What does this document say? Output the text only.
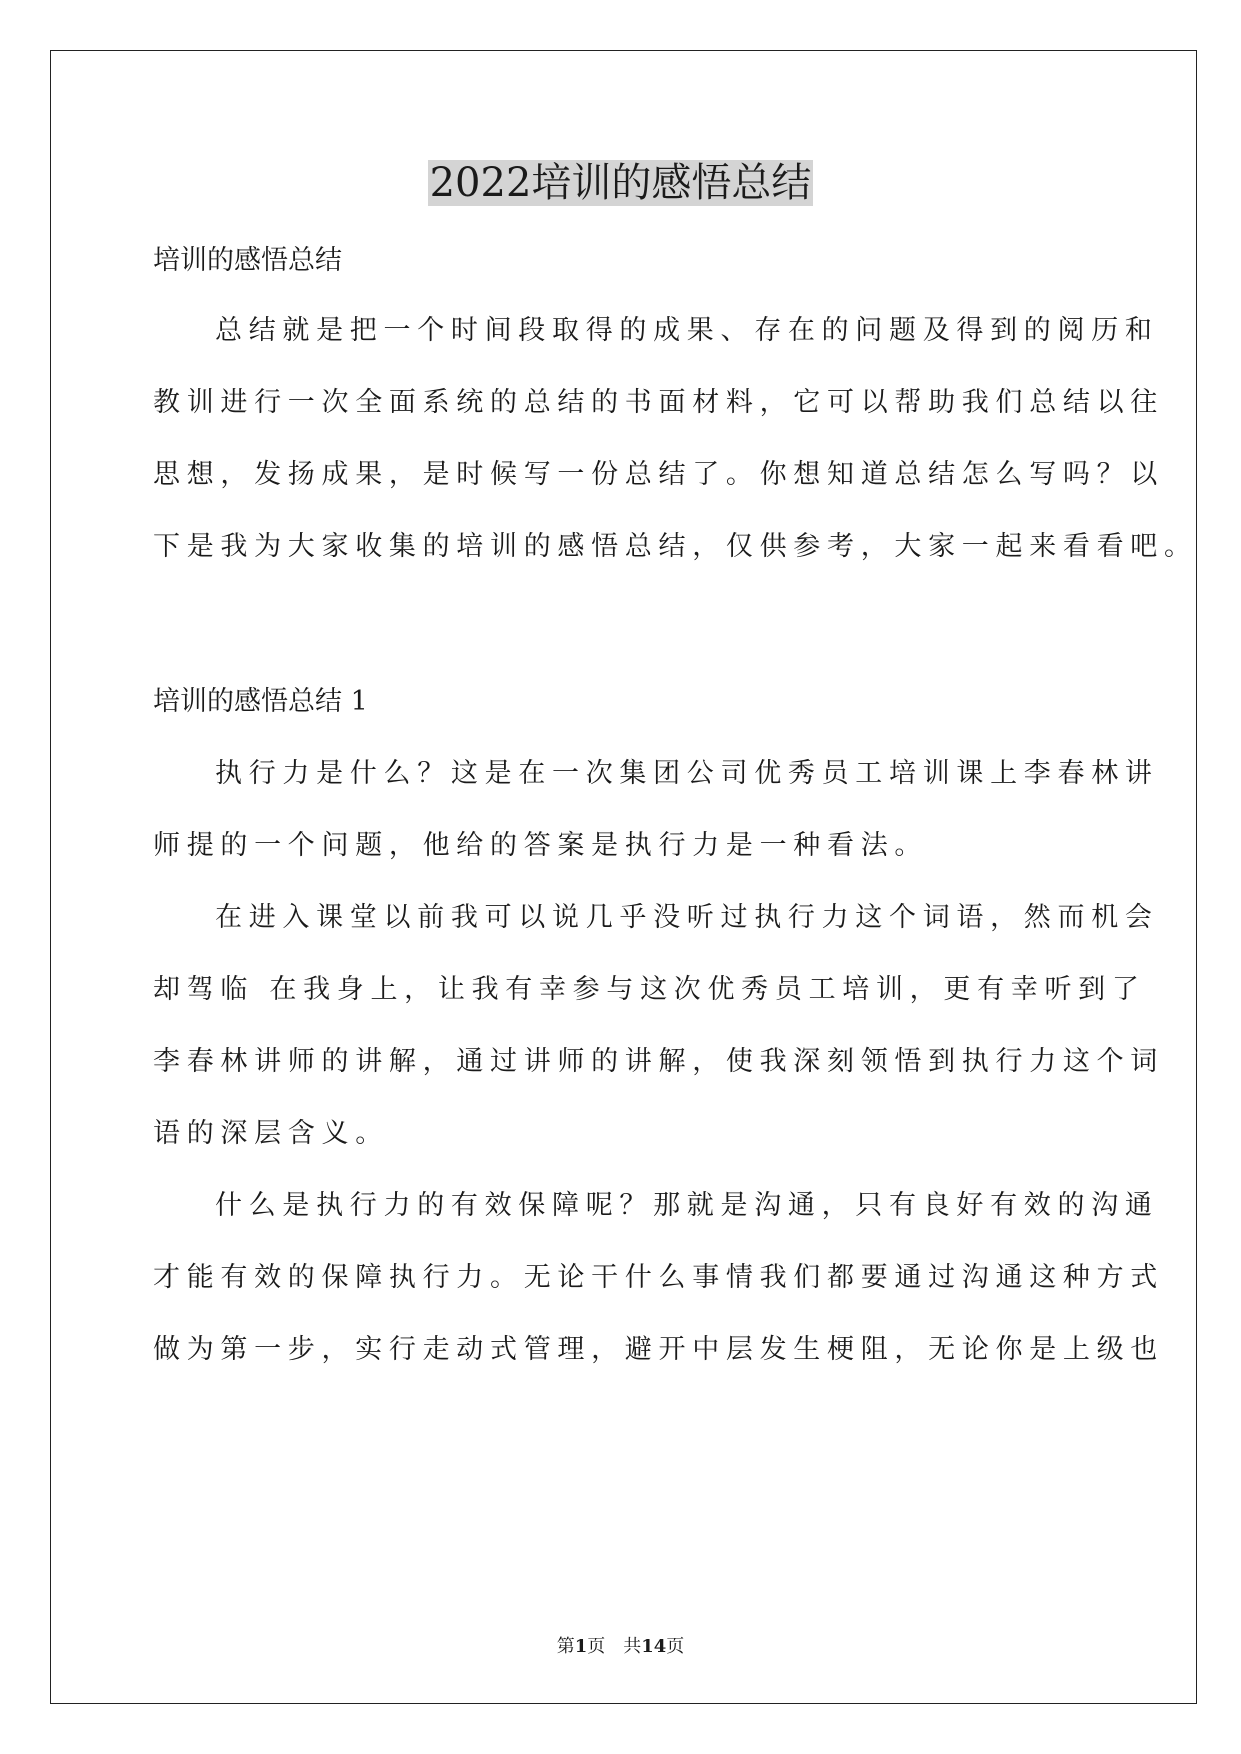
2022培训的感悟总结
培训的感悟总结
总结就是把一个时间段取得的成果、存在的问题及得到的阅历和
教训进行一次全面系统的总结的书面材料，它可以帮助我们总结以往
思想，发扬成果，是时候写一份总结了。你想知道总结怎么写吗？以
下是我为大家收集的培训的感悟总结，仅供参考，大家一起来看看吧。
培训的感悟总结 1
执行力是什么？这是在一次集团公司优秀员工培训课上李春林讲
师提的一个问题，他给的答案是执行力是一种看法。
在进入课堂以前我可以说几乎没听过执行力这个词语，然而机会
却驾临 在我身上，让我有幸参与这次优秀员工培训，更有幸听到了
李春林讲师的讲解，通过讲师的讲解，使我深刻领悟到执行力这个词
语的深层含义。
什么是执行力的有效保障呢？那就是沟通，只有良好有效的沟通
才能有效的保障执行力。无论干什么事情我们都要通过沟通这种方式
做为第一步，实行走动式管理，避开中层发生梗阻，无论你是上级也
第1页　共14页
